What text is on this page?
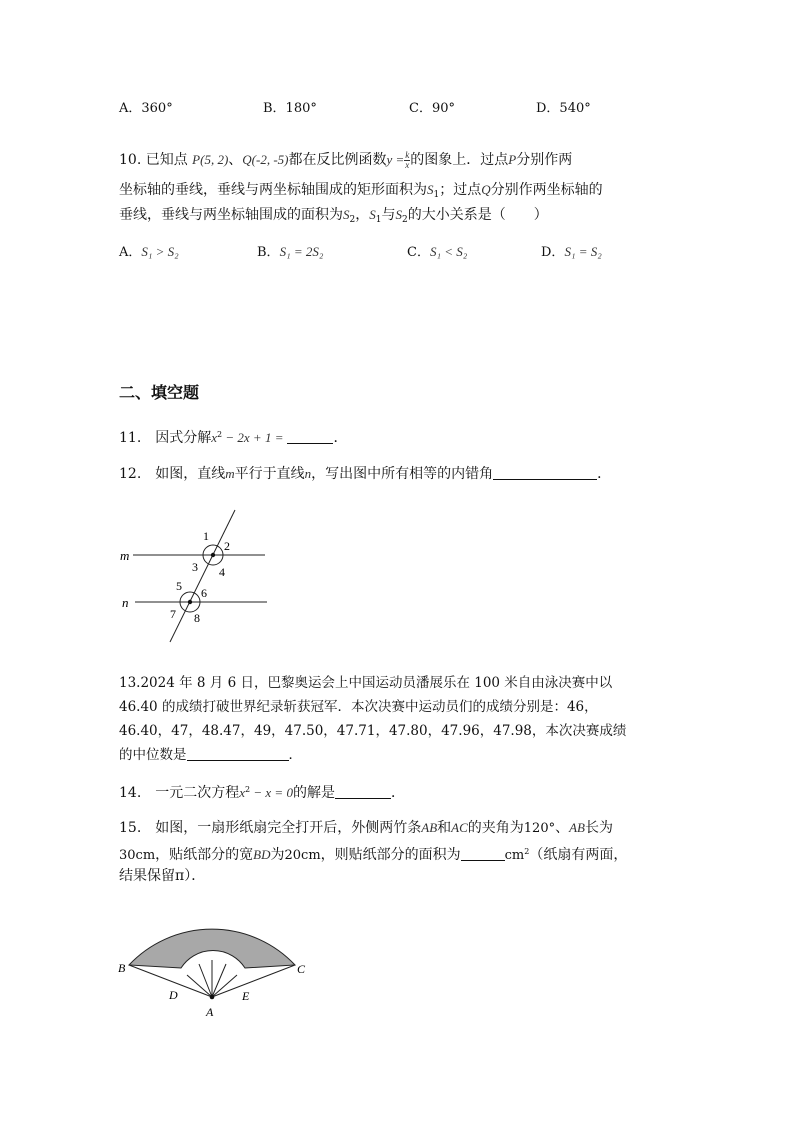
A．360°	B．180°	C．90°	D．540°
10. 已知点 P(5, 2)、Q(-2, -5)都在反比例函数$y = \frac{k}{x}$ 的图象上．过点P分别作两
坐标轴的垂线，垂线与两坐标轴围成的矩形面积为$S_1$；过点Q分别作两坐标轴的
垂线，垂线与两坐标轴围成的面积为$S_2$，$S_1$与$S_2$的大小关系是（　　）
A．S₁ > S₂	B．S₁ = 2S₂	C．S₁ < S₂	D．S₁ = S₂
二、填空题
11.　因式分解$x^2 - 2x + 1$ =	．
12.　如图，直线m平行于直线n，写出图中所有相等的内错角	．
m
n
1
2
3 4
5 6
7 8
13.2024 年 8 月 6 日，巴黎奥运会上中国运动员潘展乐在 100 米自由泳决赛中以
46.40 的成绩打破世界纪录斩获冠军．本次决赛中运动员们的成绩分别是：46，
46.40，47，48.47，49，47.50，47.71，47.80，47.96，47.98，本次决赛成绩
的中位数是	．
14.　一元二次方程$x^2 - x = 0$的解是	．
15.　如图，一扇形纸扇完全打开后，外侧两竹条AB和AC的夹角为120°、AB长为
30cm，贴纸部分的宽BD为20cm，则贴纸部分的面积为	$cm^2$（纸扇有两面，
结果保留π）．
B	C
D	E
A
